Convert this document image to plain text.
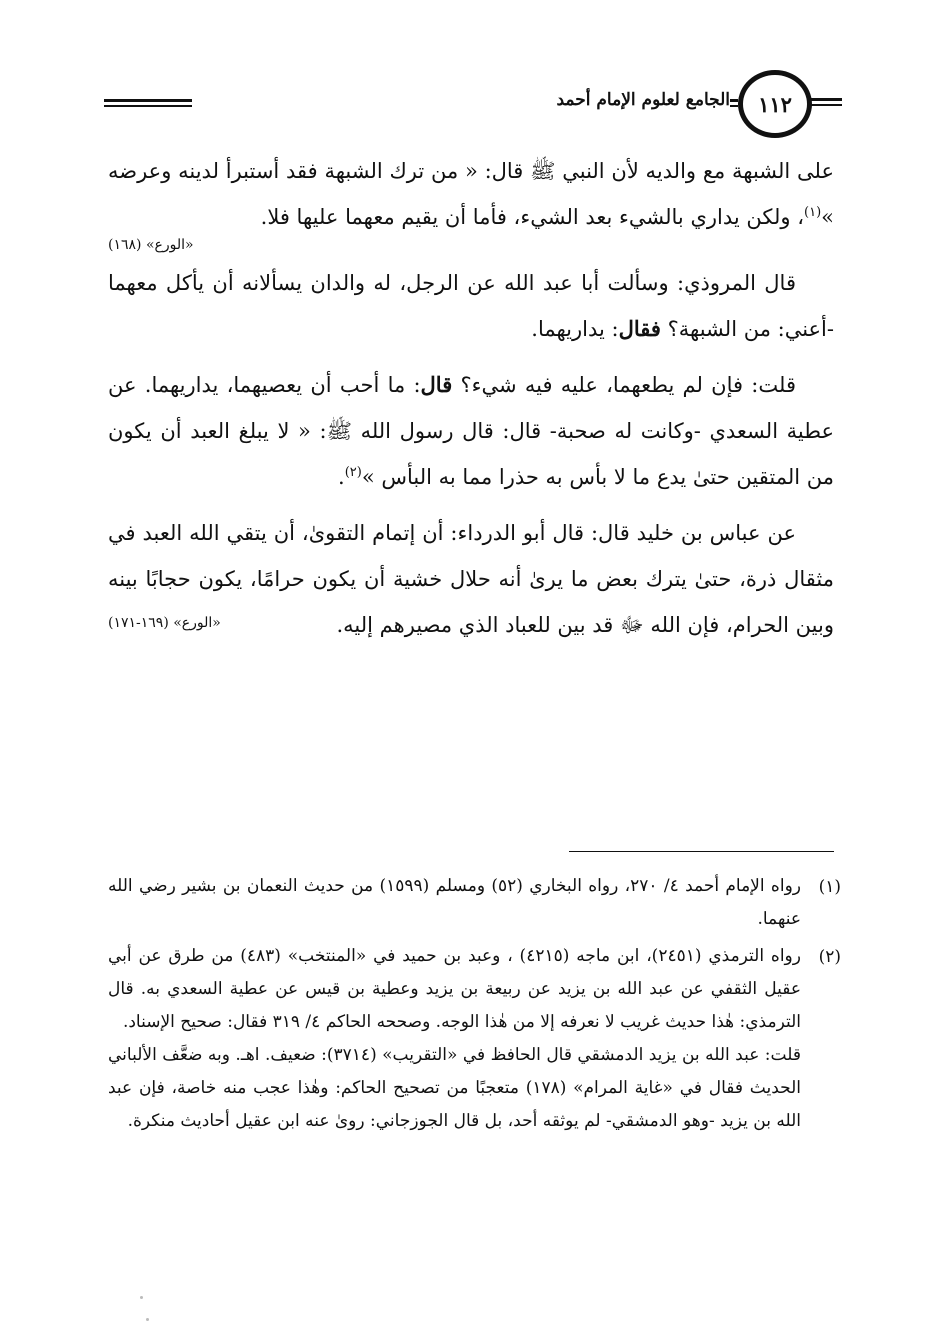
١١٢
الجامع لعلوم الإمام أحمد

على الشبهة مع والديه لأن النبي ﷺ قال: « من ترك الشبهة فقد أستبرأ لدينه وعرضه »$^{(١)}$، ولكن يداري بالشيء بعد الشيء، فأما أن يقيم معهما عليها فلا.

«الورع» (١٦٨)

قال المروذي: وسألت أبا عبد الله عن الرجل، له والدان يسألانه أن يأكل معهما -أعني: من الشبهة؟ فقال: يداريهما.

قلت: فإن لم يطعهما، عليه فيه شيء؟ قال: ما أحب أن يعصيهما، يداريهما. عن عطية السعدي -وكانت له صحبة- قال: قال رسول الله ﷺ: « لا يبلغ العبد أن يكون من المتقين حتىٰ يدع ما لا بأس به حذرا مما به البأس »$^{(٢)}$.

عن عباس بن خليد قال: قال أبو الدرداء: أن إتمام التقوىٰ، أن يتقي الله العبد في مثقال ذرة، حتىٰ يترك بعض ما يرىٰ أنه حلال خشية أن يكون حرامًا، يكون حجابًا بينه وبين الحرام، فإن الله ﷻ قد بين للعباد الذي مصيرهم إليه.

«الورع» (١٦٩-١٧١)
(١)

رواه الإمام أحمد ٤/ ٢٧٠، رواه البخاري (٥٢) ومسلم (١٥٩٩) من حديث النعمان بن بشير رضي الله عنهما.

(٢)

رواه الترمذي (٢٤٥١)، ابن ماجه (٤٢١٥) ، وعبد بن حميد في «المنتخب» (٤٨٣) من طرق عن أبي عقيل الثقفي عن عبد الله بن يزيد عن ربيعة بن يزيد وعطية بن قيس عن عطية السعدي به. قال الترمذي: هٰذا حديث غريب لا نعرفه إلا من هٰذا الوجه. وصححه الحاكم ٤/ ٣١٩ فقال: صحيح الإسناد.

قلت: عبد الله بن يزيد الدمشقي قال الحافظ في «التقريب» (٣٧١٤): ضعيف. اهـ. وبه ضعَّف الألباني الحديث فقال في «غاية المرام» (١٧٨) متعجبًا من تصحيح الحاكم: وهٰذا عجب منه خاصة، فإن عبد الله بن يزيد -وهو الدمشقي- لم يوثقه أحد، بل قال الجوزجاني: روىٰ عنه ابن عقيل أحاديث منكرة.
